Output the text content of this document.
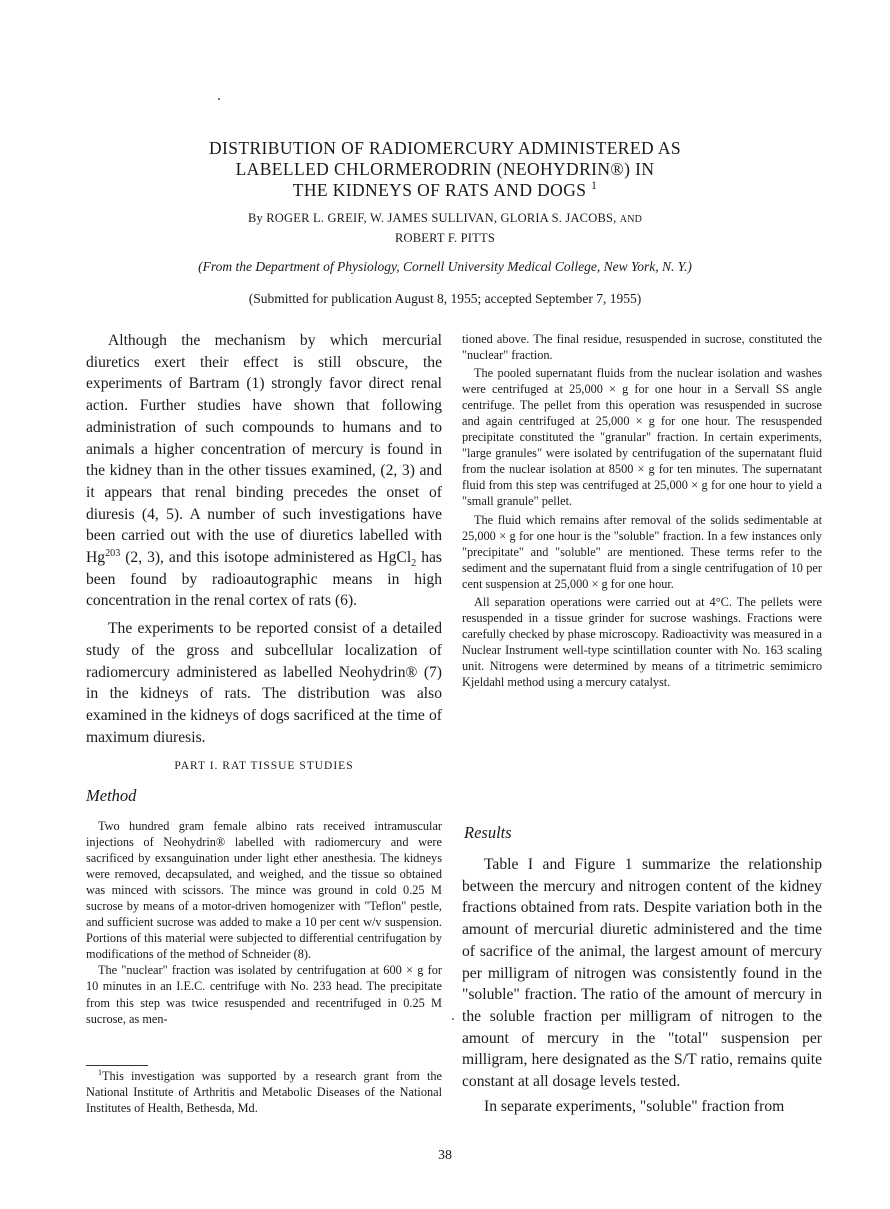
DISTRIBUTION OF RADIOMERCURY ADMINISTERED AS
LABELLED CHLORMERODRIN (NEOHYDRIN®) IN
THE KIDNEYS OF RATS AND DOGS $^1$
By ROGER L. GREIF, W. JAMES SULLIVAN, GLORIA S. JACOBS, AND
ROBERT F. PITTS
(From the Department of Physiology, Cornell University Medical College, New York, N. Y.)
(Submitted for publication August 8, 1955; accepted September 7, 1955)

Although the mechanism by which mercurial diuretics exert their effect is still obscure, the experiments of Bartram (1) strongly favor direct renal action. Further studies have shown that following administration of such compounds to humans and to animals a higher concentration of mercury is found in the kidney than in the other tissues examined, (2, 3) and it appears that renal binding precedes the onset of diuresis (4, 5). A number of such investigations have been carried out with the use of diuretics labelled with Hg$^{203}$ (2, 3), and this isotope administered as HgCl$_2$ has been found by radioautographic means in high concentration in the renal cortex of rats (6).

The experiments to be reported consist of a detailed study of the gross and subcellular localization of radiomercury administered as labelled Neohydrin® (7) in the kidneys of rats. The distribution was also examined in the kidneys of dogs sacrificed at the time of maximum diuresis.

PART I. RAT TISSUE STUDIES
Method

Two hundred gram female albino rats received intramuscular injections of Neohydrin® labelled with radiomercury and were sacrificed by exsanguination under light ether anesthesia. The kidneys were removed, decapsulated, and weighed, and the tissue so obtained was minced with scissors. The mince was ground in cold 0.25 M sucrose by means of a motor-driven homogenizer with "Teflon" pestle, and sufficient sucrose was added to make a 10 per cent w/v suspension. Portions of this material were subjected to differential centrifugation by modifications of the method of Schneider (8).

The "nuclear" fraction was isolated by centrifugation at 600 × g for 10 minutes in an I.E.C. centrifuge with No. 233 head. The precipitate from this step was twice resuspended and recentrifuged in 0.25 M sucrose, as men-

$^1$This investigation was supported by a research grant from the National Institute of Arthritis and Metabolic Diseases of the National Institutes of Health, Bethesda, Md.

tioned above. The final residue, resuspended in sucrose, constituted the "nuclear" fraction.

The pooled supernatant fluids from the nuclear isolation and washes were centrifuged at 25,000 × g for one hour in a Servall SS angle centrifuge. The pellet from this operation was resuspended in sucrose and again centrifuged at 25,000 × g for one hour. The resuspended precipitate constituted the "granular" fraction. In certain experiments, "large granules" were isolated by centrifugation of the supernatant fluid from the nuclear isolation at 8500 × g for ten minutes. The supernatant fluid from this step was centrifuged at 25,000 × g for one hour to yield a "small granule" pellet.

The fluid which remains after removal of the solids sedimentable at 25,000 × g for one hour is the "soluble" fraction. In a few instances only "precipitate" and "soluble" are mentioned. These terms refer to the sediment and the supernatant fluid from a single centrifugation of 10 per cent suspension at 25,000 × g for one hour.

All separation operations were carried out at 4°C. The pellets were resuspended in a tissue grinder for sucrose washings. Fractions were carefully checked by phase microscopy. Radioactivity was measured in a Nuclear Instrument well-type scintillation counter with No. 163 scaling unit. Nitrogens were determined by means of a titrimetric semimicro Kjeldahl method using a mercury catalyst.

Results

Table I and Figure 1 summarize the relationship between the mercury and nitrogen content of the kidney fractions obtained from rats. Despite variation both in the amount of mercurial diuretic administered and the time of sacrifice of the animal, the largest amount of mercury per milligram of nitrogen was consistently found in the "soluble" fraction. The ratio of the amount of mercury in the soluble fraction per milligram of nitrogen to the amount of mercury in the "total" suspension per milligram, here designated as the S/T ratio, remains quite constant at all dosage levels tested.

In separate experiments, "soluble" fraction from

38
